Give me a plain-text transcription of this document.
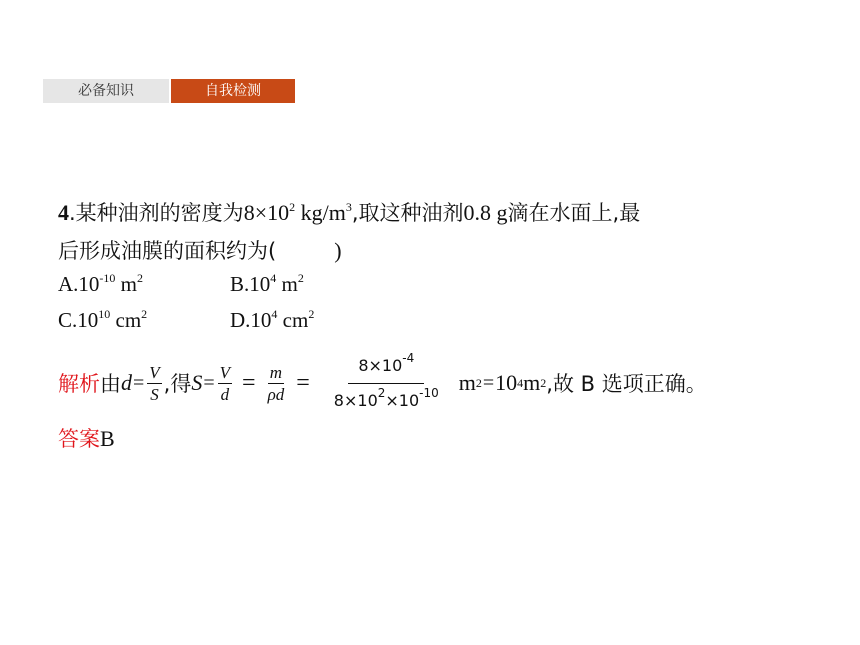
必备知识	自我检测
4.某种油剂的密度为$8\times 10^2$ $kg/m^3$,取这种油剂0.8 g滴在水面上,最
后形成油膜的面积约为(	)
$A.10^{-10}$ $m^2$	$B.10^4$ $m^2$
$C.10^{10}$ $cm^2$	$D.10^4$ $cm^2$
解析 由 $d = \frac{V}{S}$ ,得 $S = \frac{V}{d} = \frac{m}{\rho d} = \frac{8\times 10^{-4}}{8\times 10^2\times 10^{-10}}$ m 2 = 10 4 m 2 ,故 B 选项正确。
答案B
